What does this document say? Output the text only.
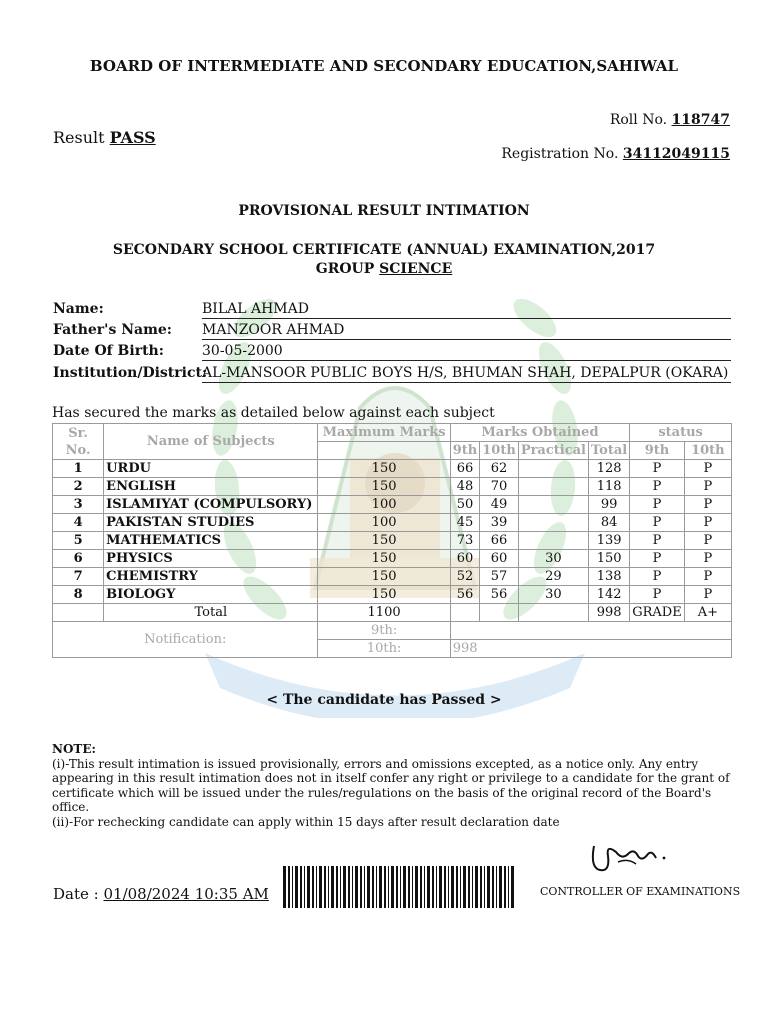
BOARD OF INTERMEDIATE AND SECONDARY EDUCATION,SAHIWAL
Result PASS
Roll No. 118747
Registration No. 34112049115
PROVISIONAL RESULT INTIMATION
SECONDARY SCHOOL CERTIFICATE (ANNUAL) EXAMINATION,2017
GROUP SCIENCE
Name:	BILAL AHMAD
Father's Name: MANZOOR AHMAD
Date Of Birth:	30-05-2000
Institution/District:
AL-MANSOOR PUBLIC BOYS H/S, BHUMAN SHAH, DEPALPUR (OKARA)
Has secured the marks as detailed below against each subject
Sr. No.	Name of Subjects	Maximum Marks	Marks Obtained				status	
			9th	10th	Practical	Total	9th	10th
1	URDU	150	66	62		128	P	P
2	ENGLISH	150	48	70		118	P	P
3	ISLAMIYAT (COMPULSORY)	100	50	49		99	P	P
4	PAKISTAN STUDIES	100	45	39		84	P	P
5	MATHEMATICS	150	73	66		139	P	P
6	PHYSICS	150	60	60	30	150	P	P
7	CHEMISTRY	150	52	57	29	138	P	P
8	BIOLOGY	150	56	56	30	142	P	P
	Total	1100				998	GRADE	A+
Notification:		9th:						
		10th:	998					
< The candidate has Passed >
NOTE:
(i)-This result intimation is issued provisionally, errors and omissions excepted, as a notice only. Any entry appearing in this result intimation does not in itself confer any right or privilege to a candidate for the grant of certificate which will be issued under the rules/regulations on the basis of the original record of the Board's office.
(ii)-For rechecking candidate can apply within 15 days after result declaration date
Date : 01/08/2024 10:35 AM	CONTROLLER OF EXAMINATIONS
